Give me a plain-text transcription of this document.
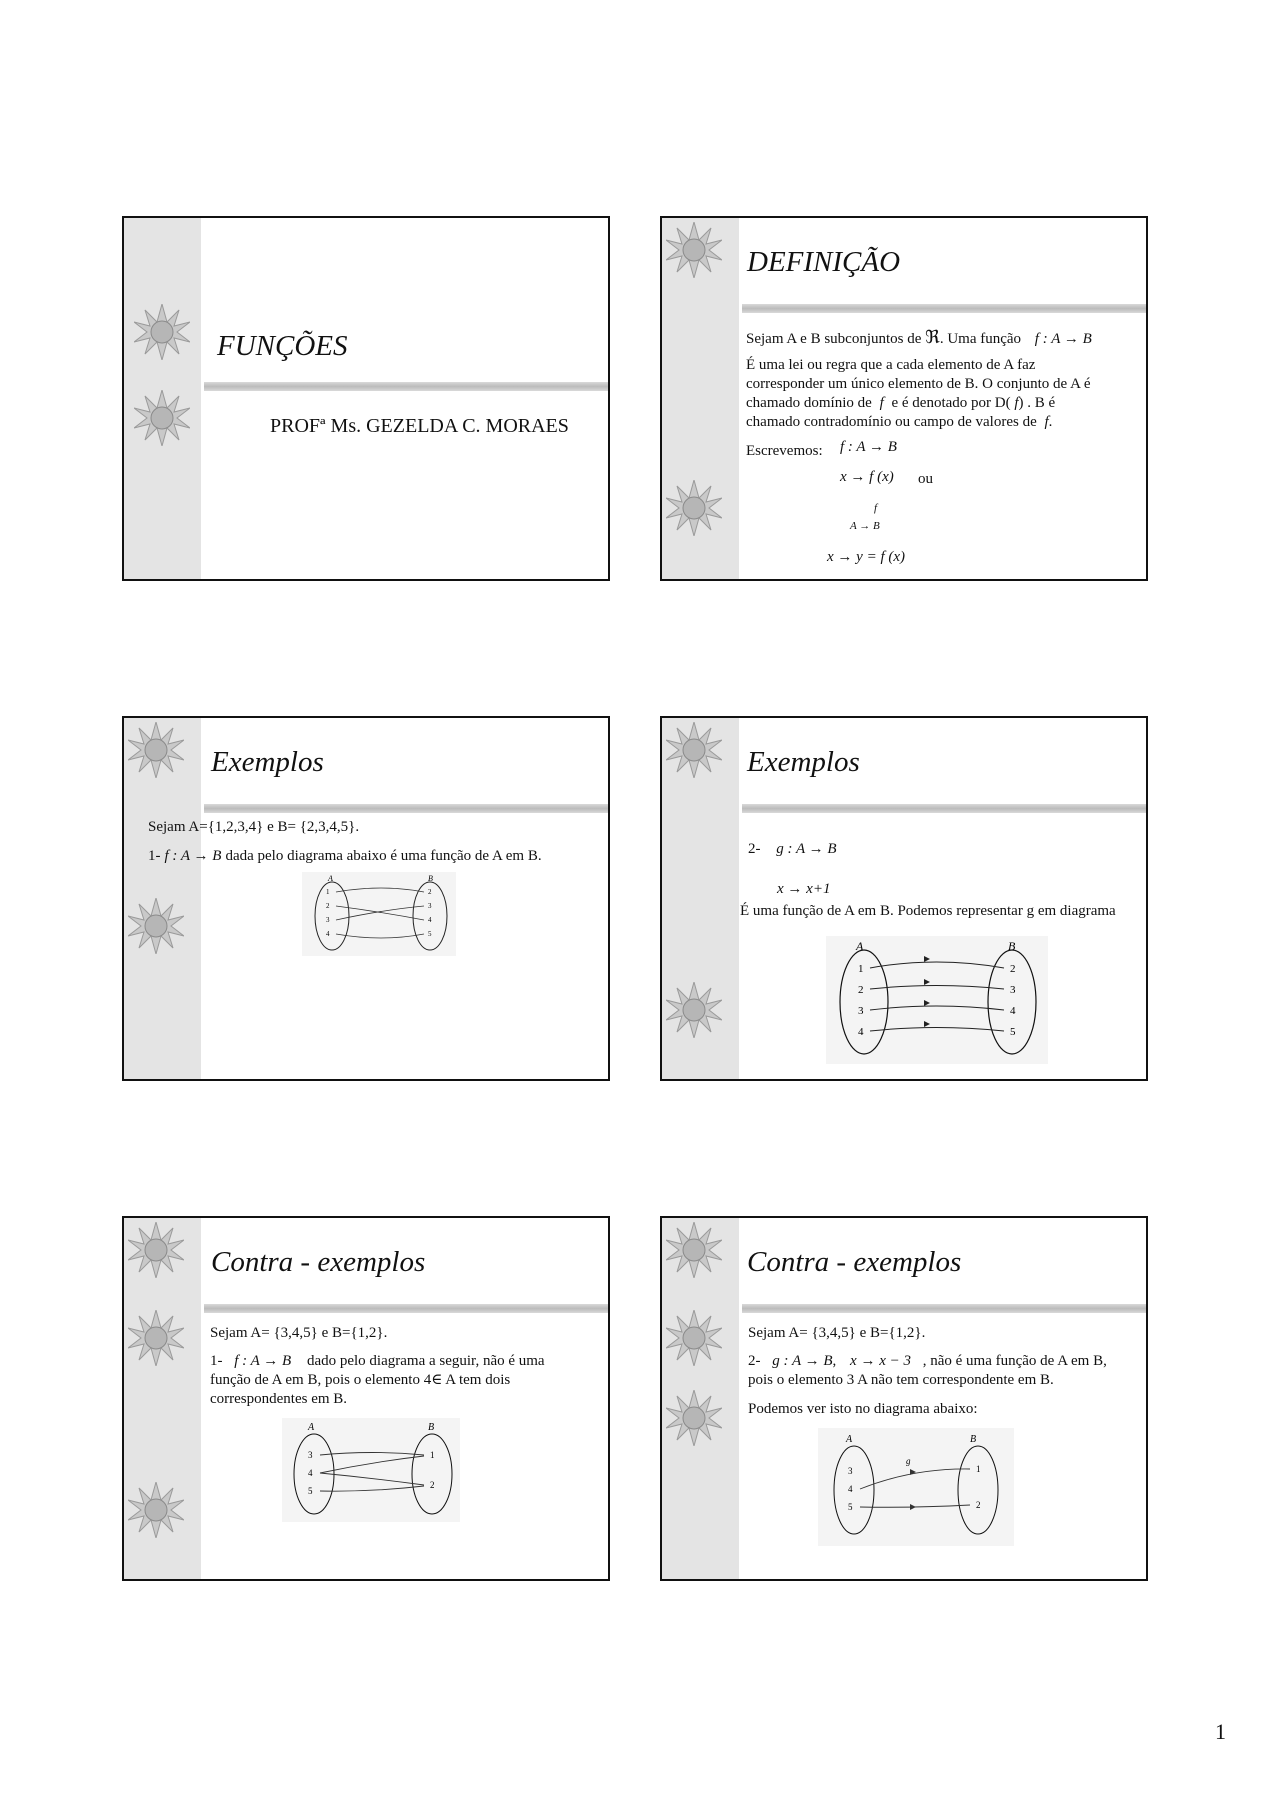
FUNÇÕES
PROFª Ms. GEZELDA C. MORAES
DEFINIÇÃO
Sejam A e B subconjuntos de ℜ. Uma função f : A → B
É uma lei ou regra que a cada elemento de A faz
corresponder um único elemento de B. O conjunto de A é
chamado domínio de f e é denotado por D( f) . B é
chamado contradomínio ou campo de valores de f.
Escrevemos: f : A → B
x → f (x) ou
f
A → B
x → y = f (x)
Exemplos
Sejam A={1,2,3,4} e B= {2,3,4,5}.
1- f : A → B dada pelo diagrama abaixo é uma função de A em B.
A	B
1
2
3
4
2
3
4
5
Exemplos
2- g : A → B
x → x+1
É uma função de A em B. Podemos representar g em diagrama
A	B
1
2
3
4
2
3
4
5
Contra - exemplos
Sejam A= {3,4,5} e B={1,2}.
1- f : A → B dado pelo diagrama a seguir, não é uma
função de A em B, pois o elemento 4∈ A tem dois
correspondentes em B.
A	B
3
4
5
1
2
Contra - exemplos
Sejam A= {3,4,5} e B={1,2}.
2- g : A → B, x → x − 3 , não é uma função de A em B,
pois o elemento 3 A não tem correspondente em B.
Podemos ver isto no diagrama abaixo:
A	B
3
4
5
1
2
g
1
